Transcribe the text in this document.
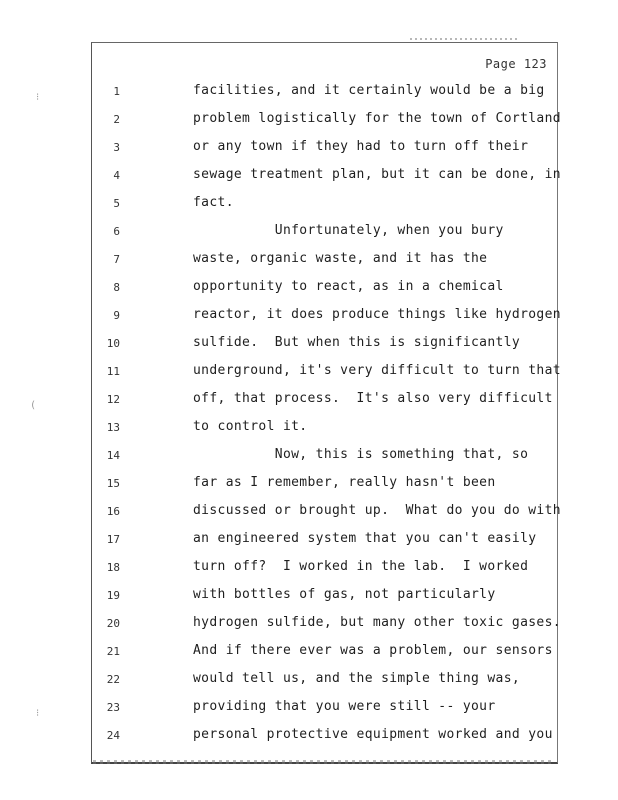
Page 123
1	facilities, and it certainly would be a big
2	problem logistically for the town of Cortland
3	or any town if they had to turn off their
4	sewage treatment plan, but it can be done, in
5	fact.
6	Unfortunately, when you bury
7	waste, organic waste, and it has the
8	opportunity to react, as in a chemical
9	reactor, it does produce things like hydrogen
10	sulfide.  But when this is significantly
11	underground, it's very difficult to turn that
12	off, that process.  It's also very difficult
13	to control it.
14	Now, this is something that, so
15	far as I remember, really hasn't been
16	discussed or brought up.  What do you do with
17	an engineered system that you can't easily
18	turn off?  I worked in the lab.  I worked
19	with bottles of gas, not particularly
20	hydrogen sulfide, but many other toxic gases.
21	And if there ever was a problem, our sensors
22	would tell us, and the simple thing was,
23	providing that you were still -- your
24	personal protective equipment worked and you
⁝
(
⁝
